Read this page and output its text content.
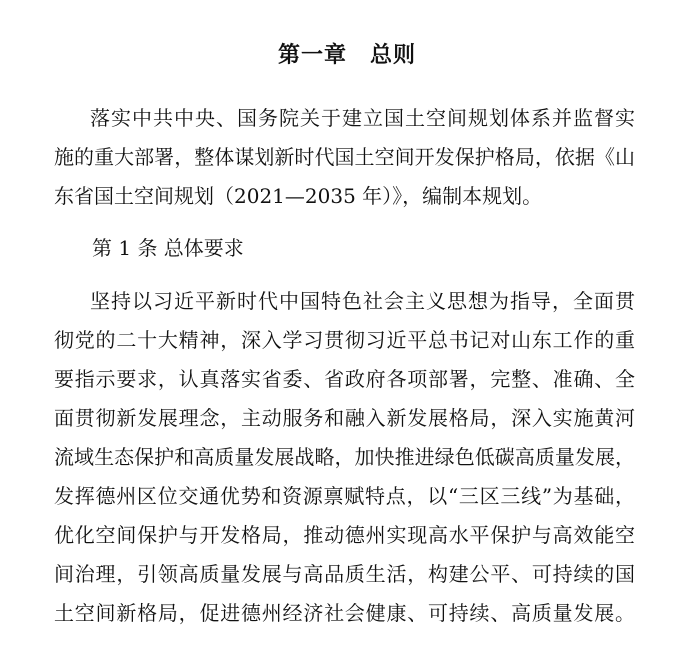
第一章　总则
落实中共中央、国务院关于建立国土空间规划体系并监督实
施的重大部署，整体谋划新时代国土空间开发保护格局，依据《山
东省国土空间规划（2021—2035 年）》，编制本规划。
第 1 条 总体要求
坚持以习近平新时代中国特色社会主义思想为指导，全面贯
彻党的二十大精神，深入学习贯彻习近平总书记对山东工作的重
要指示要求，认真落实省委、省政府各项部署，完整、准确、全
面贯彻新发展理念，主动服务和融入新发展格局，深入实施黄河
流域生态保护和高质量发展战略，加快推进绿色低碳高质量发展，
发挥德州区位交通优势和资源禀赋特点，以“三区三线”为基础，
优化空间保护与开发格局，推动德州实现高水平保护与高效能空
间治理，引领高质量发展与高品质生活，构建公平、可持续的国
土空间新格局，促进德州经济社会健康、可持续、高质量发展。
